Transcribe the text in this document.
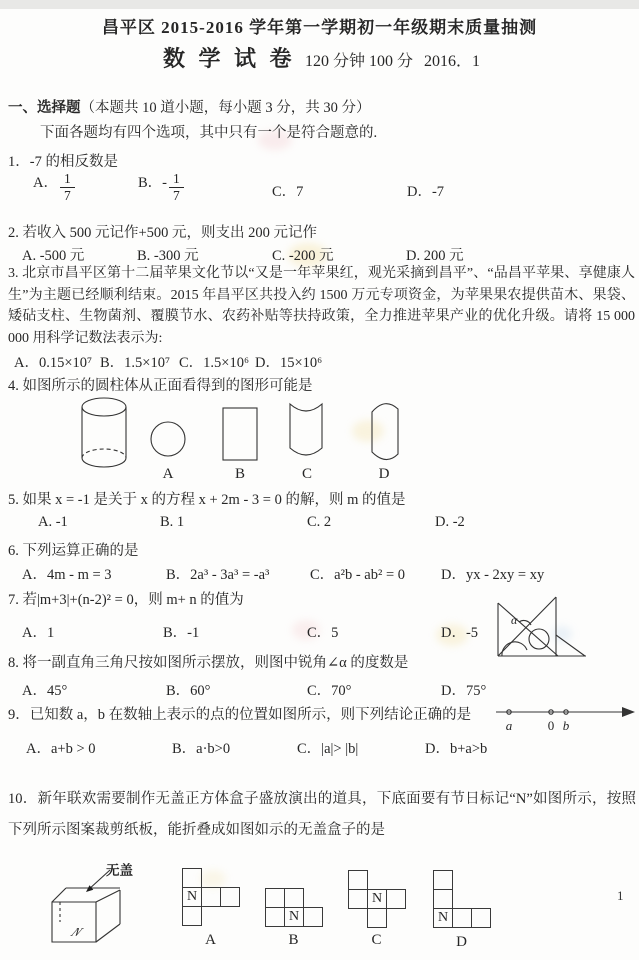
昌平区 2015-2016 学年第一学期初一年级期末质量抽测
数 学 试 卷 120 分钟 100 分 2016．1
一、选择题（本题共 10 道小题，每小题 3 分，共 30 分）
下面各题均有四个选项，其中只有一个是符合题意的.
1．-7 的相反数是
A． $\frac{1}{7}$	B．- $\frac{1}{7}$	C．7	D．-7
2. 若收入 500 元记作+500 元，则支出 200 元记作
A. -500 元	B. -300 元	C. -200 元	D. 200 元
3. 北京市昌平区第十二届苹果文化节以“又是一年苹果红，观光采摘到昌平”、“品昌平苹果、享健康人生”为主题已经顺利结束。2015 年昌平区共投入约 1500 万元专项资金，为苹果果农提供苗木、果袋、矮砧支柱、生物菌剂、覆膜节水、农药补贴等扶持政策，全力推进苹果产业的优化升级。请将 15 000 000 用科学记数法表示为:
A．0.15×10⁷ B．1.5×10⁷ C．1.5×10⁶ D．15×10⁶
4. 如图所示的圆柱体从正面看得到的图形可能是
A	B	C	D
5. 如果 x = -1 是关于 x 的方程 x + 2m - 3 = 0 的解，则 m 的值是
A. -1	B. 1	C. 2	D. -2
6. 下列运算正确的是
A．4m - m = 3	B．2a³ - 3a³ = -a³	C．a²b - ab² = 0 D．yx - 2xy = xy
7. 若|m+3|+(n-2)² = 0，则 m+ n 的值为
A．1	B．-1	C．5	D．-5
α
8. 将一副直角三角尺按如图所示摆放，则图中锐角∠α 的度数是
A．45°	B．60°	C．70°	D．75°
9．已知数 a，b 在数轴上表示的点的位置如图所示，则下列结论正确的是
a	0 b
A．a+b > 0	B．a·b>0	C．|a|> |b|	D．b+a>b
10．新年联欢需要制作无盖正方体盒子盛放演出的道具，下底面要有节日标记“N”如图所示，按照下列所示图案裁剪纸板，能折叠成如图如示的无盖盒子的是
N
无盖
N
N
N
N
A	B	C	D
1
